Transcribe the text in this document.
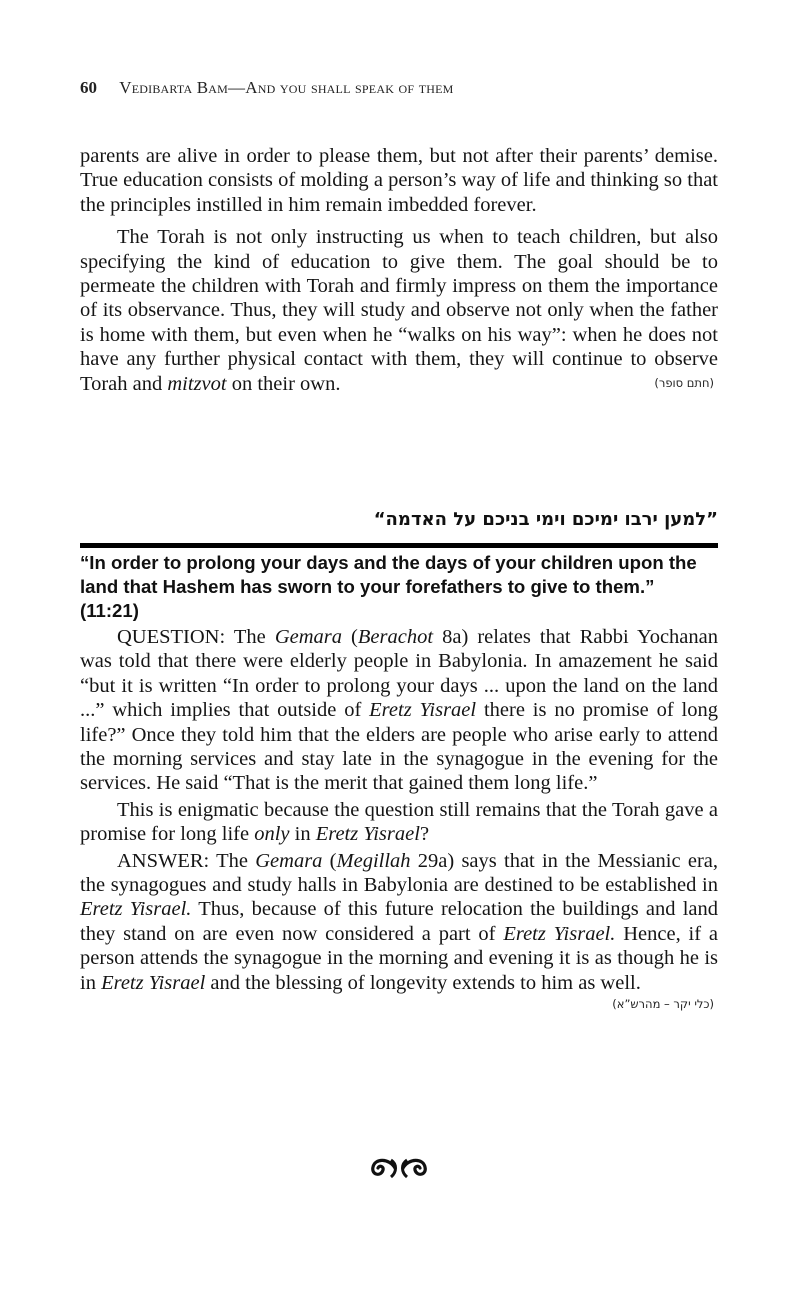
60 Vedibarta Bam—And you shall speak of them

parents are alive in order to please them, but not after their parents’ demise. True education consists of molding a person’s way of life and thinking so that the principles instilled in him remain imbedded forever.

The Torah is not only instructing us when to teach children, but also specifying the kind of education to give them. The goal should be to permeate the children with Torah and firmly impress on them the importance of its observance. Thus, they will study and observe not only when the father is home with them, but even when he “walks on his way”: when he does not have any further physical contact with them, they will continue to observe Torah and mitzvot on their own.	(חתם סופר)
”למען ירבו ימיכם וימי בניכם על האדמה“

“In order to prolong your days and the days of your children upon the land that Hashem has sworn to your forefathers to give to them.” (11:21)

QUESTION: The Gemara (Berachot 8a) relates that Rabbi Yochanan was told that there were elderly people in Babylonia. In amazement he said “but it is written “In order to prolong your days ... upon the land on the land ...” which implies that outside of Eretz Yisrael there is no promise of long life?” Once they told him that the elders are people who arise early to attend the morning services and stay late in the synagogue in the evening for the services. He said “That is the merit that gained them long life.”

This is enigmatic because the question still remains that the Torah gave a promise for long life only in Eretz Yisrael?

ANSWER: The Gemara (Megillah 29a) says that in the Messianic era, the synagogues and study halls in Babylonia are destined to be established in Eretz Yisrael. Thus, because of this future relocation the buildings and land they stand on are even now considered a part of Eretz Yisrael. Hence, if a person attends the synagogue in the morning and evening it is as though he is in Eretz Yisrael and the blessing of longevity extends to him as well.

(כלי יקר – מהרש”א)
